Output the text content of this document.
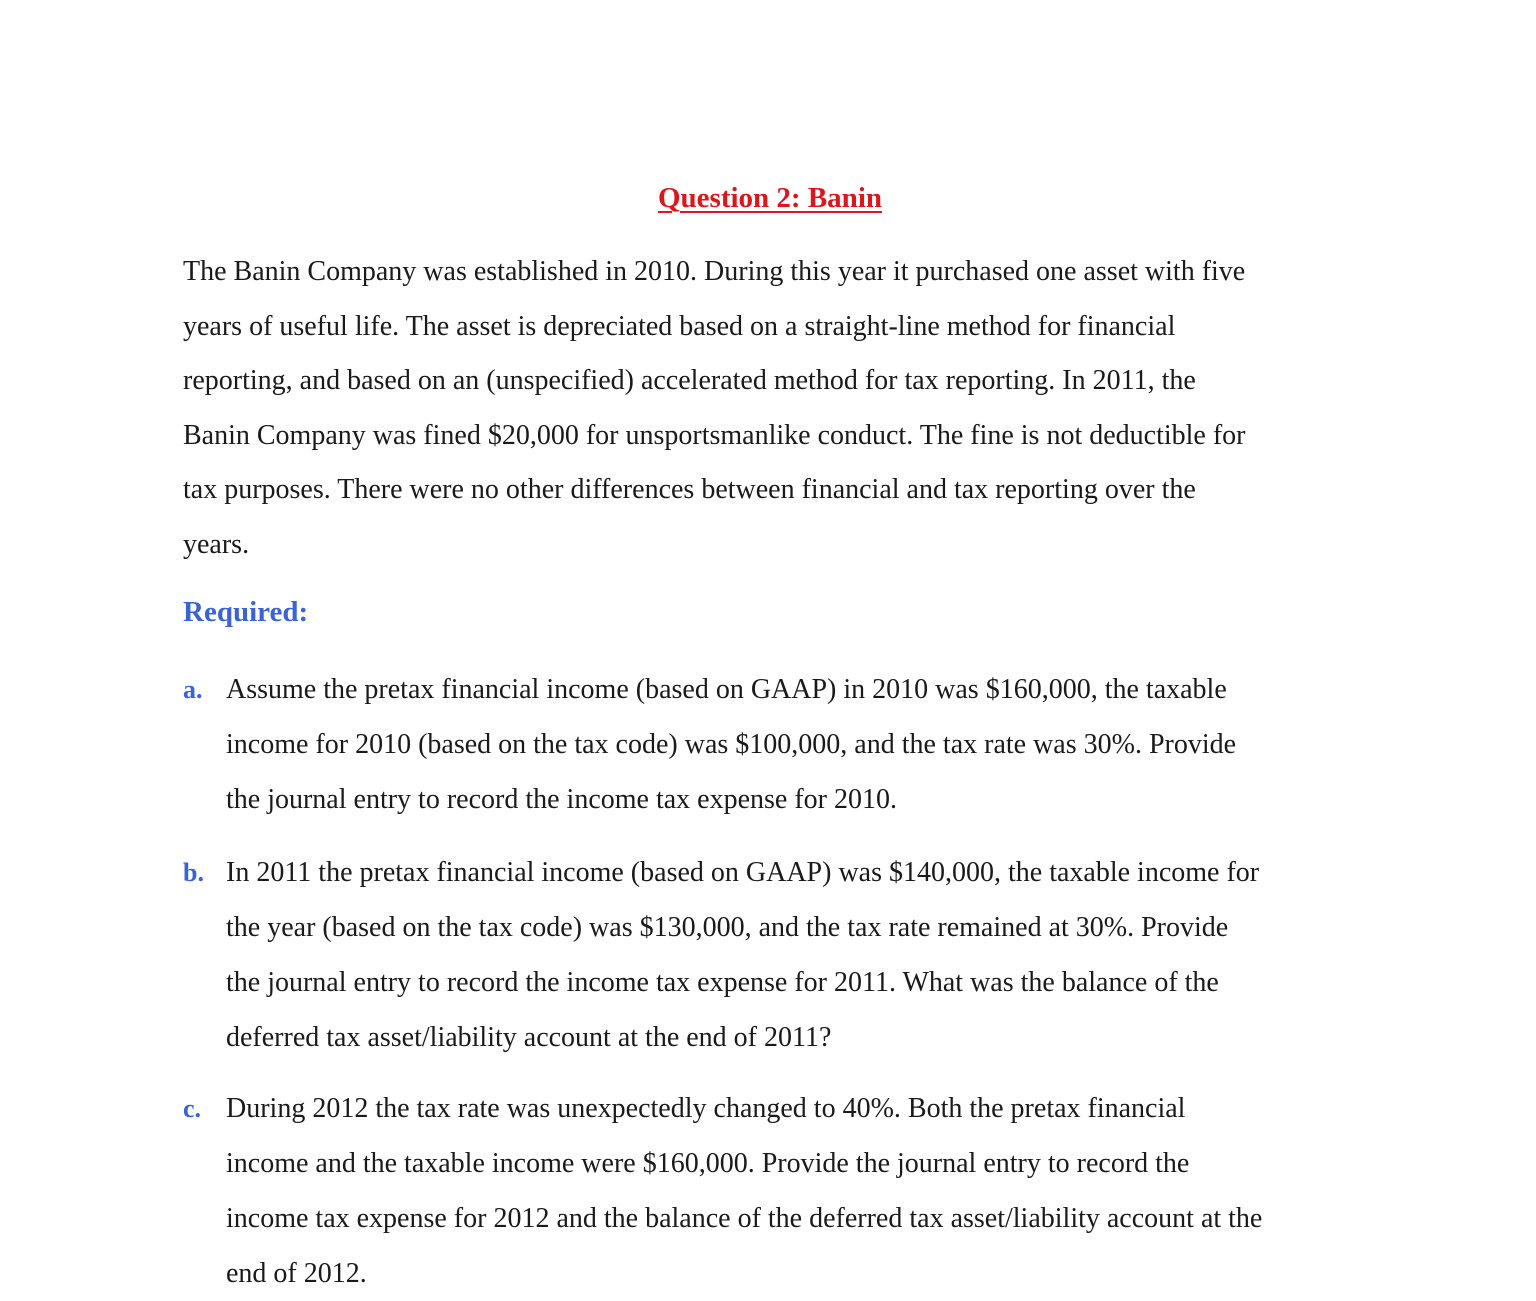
Question 2: Banin
The Banin Company was established in 2010. During this year it purchased one asset with five
years of useful life. The asset is depreciated based on a straight-line method for financial
reporting, and based on an (unspecified) accelerated method for tax reporting. In 2011, the
Banin Company was fined $20,000 for unsportsmanlike conduct. The fine is not deductible for
tax purposes. There were no other differences between financial and tax reporting over the
years.
Required:
a. Assume the pretax financial income (based on GAAP) in 2010 was $160,000, the taxable
income for 2010 (based on the tax code) was $100,000, and the tax rate was 30%. Provide
the journal entry to record the income tax expense for 2010.
b. In 2011 the pretax financial income (based on GAAP) was $140,000, the taxable income for
the year (based on the tax code) was $130,000, and the tax rate remained at 30%. Provide
the journal entry to record the income tax expense for 2011. What was the balance of the
deferred tax asset/liability account at the end of 2011?
c. During 2012 the tax rate was unexpectedly changed to 40%. Both the pretax financial
income and the taxable income were $160,000. Provide the journal entry to record the
income tax expense for 2012 and the balance of the deferred tax asset/liability account at the
end of 2012.
